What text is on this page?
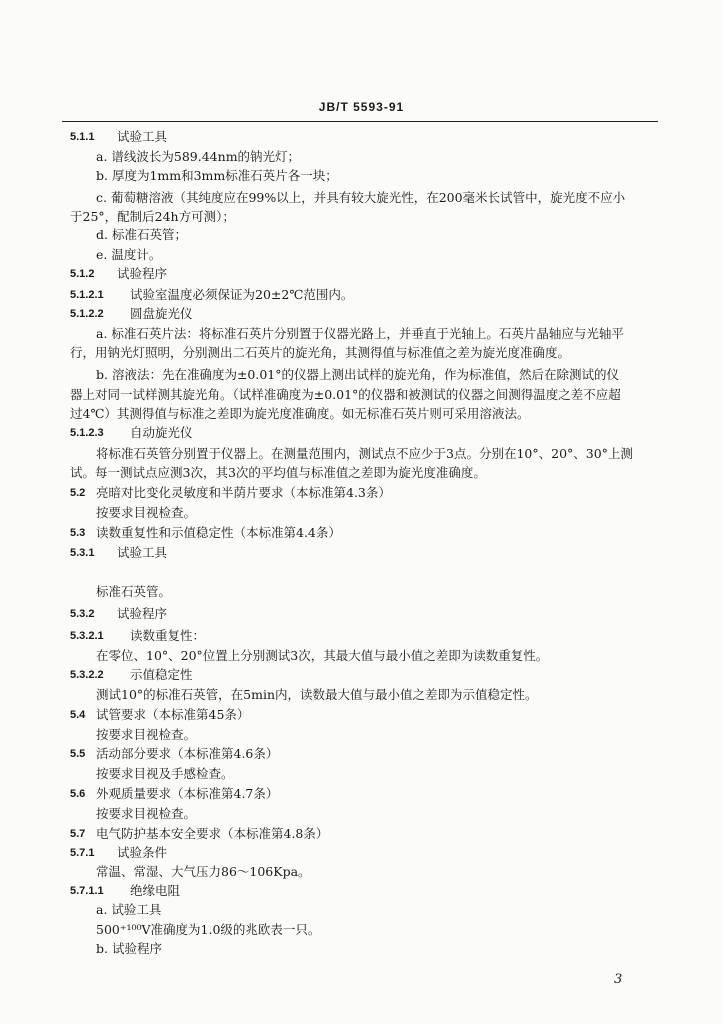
JB/T 5593-91
5.1.1 试验工具
a. 谱线波长为589.44nm的钠光灯；
b. 厚度为1mm和3mm标准石英片各一块；
c. 葡萄糖溶液（其纯度应在99%以上，并具有较大旋光性，在200毫米长试管中，旋光度不应小
于25°，配制后24h方可测）；
d. 标准石英管；
e. 温度计。
5.1.2 试验程序
5.1.2.1 试验室温度必须保证为20±2℃范围内。
5.1.2.2 圆盘旋光仪
a. 标准石英片法：将标准石英片分别置于仪器光路上，并垂直于光轴上。石英片晶轴应与光轴平
行，用钠光灯照明，分别测出二石英片的旋光角，其测得值与标准值之差为旋光度准确度。
b. 溶液法：先在准确度为±0.01°的仪器上测出试样的旋光角，作为标准值，然后在除测试的仪
器上对同一试样测其旋光角。（试样准确度为±0.01°的仪器和被测试的仪器之间测得温度之差不应超
过4℃）其测得值与标准之差即为旋光度准确度。如无标准石英片则可采用溶液法。
5.1.2.3 自动旋光仪
将标准石英管分别置于仪器上。在测量范围内，测试点不应少于3点。分别在10°、20°、30°上测
试。每一测试点应测3次，其3次的平均值与标准值之差即为旋光度准确度。
5.2 亮暗对比变化灵敏度和半荫片要求（本标准第4.3条）
按要求目视检查。
5.3 读数重复性和示值稳定性（本标准第4.4条）
5.3.1 试验工具
标准石英管。
5.3.2 试验程序
5.3.2.1 读数重复性：
在零位、10°、20°位置上分别测试3次，其最大值与最小值之差即为读数重复性。
5.3.2.2 示值稳定性
测试10°的标准石英管，在5min内，读数最大值与最小值之差即为示值稳定性。
5.4 试管要求（本标准第45条）
按要求目视检查。
5.5 活动部分要求（本标准第4.6条）
按要求目视及手感检查。
5.6 外观质量要求（本标准第4.7条）
按要求目视检查。
5.7 电气防护基本安全要求（本标准第4.8条）
5.7.1 试验条件
常温、常湿、大气压力86～106Kpa。
5.7.1.1 绝缘电阻
a. 试验工具
500⁺¹⁰⁰V准确度为1.0级的兆欧表一只。
b. 试验程序
3
